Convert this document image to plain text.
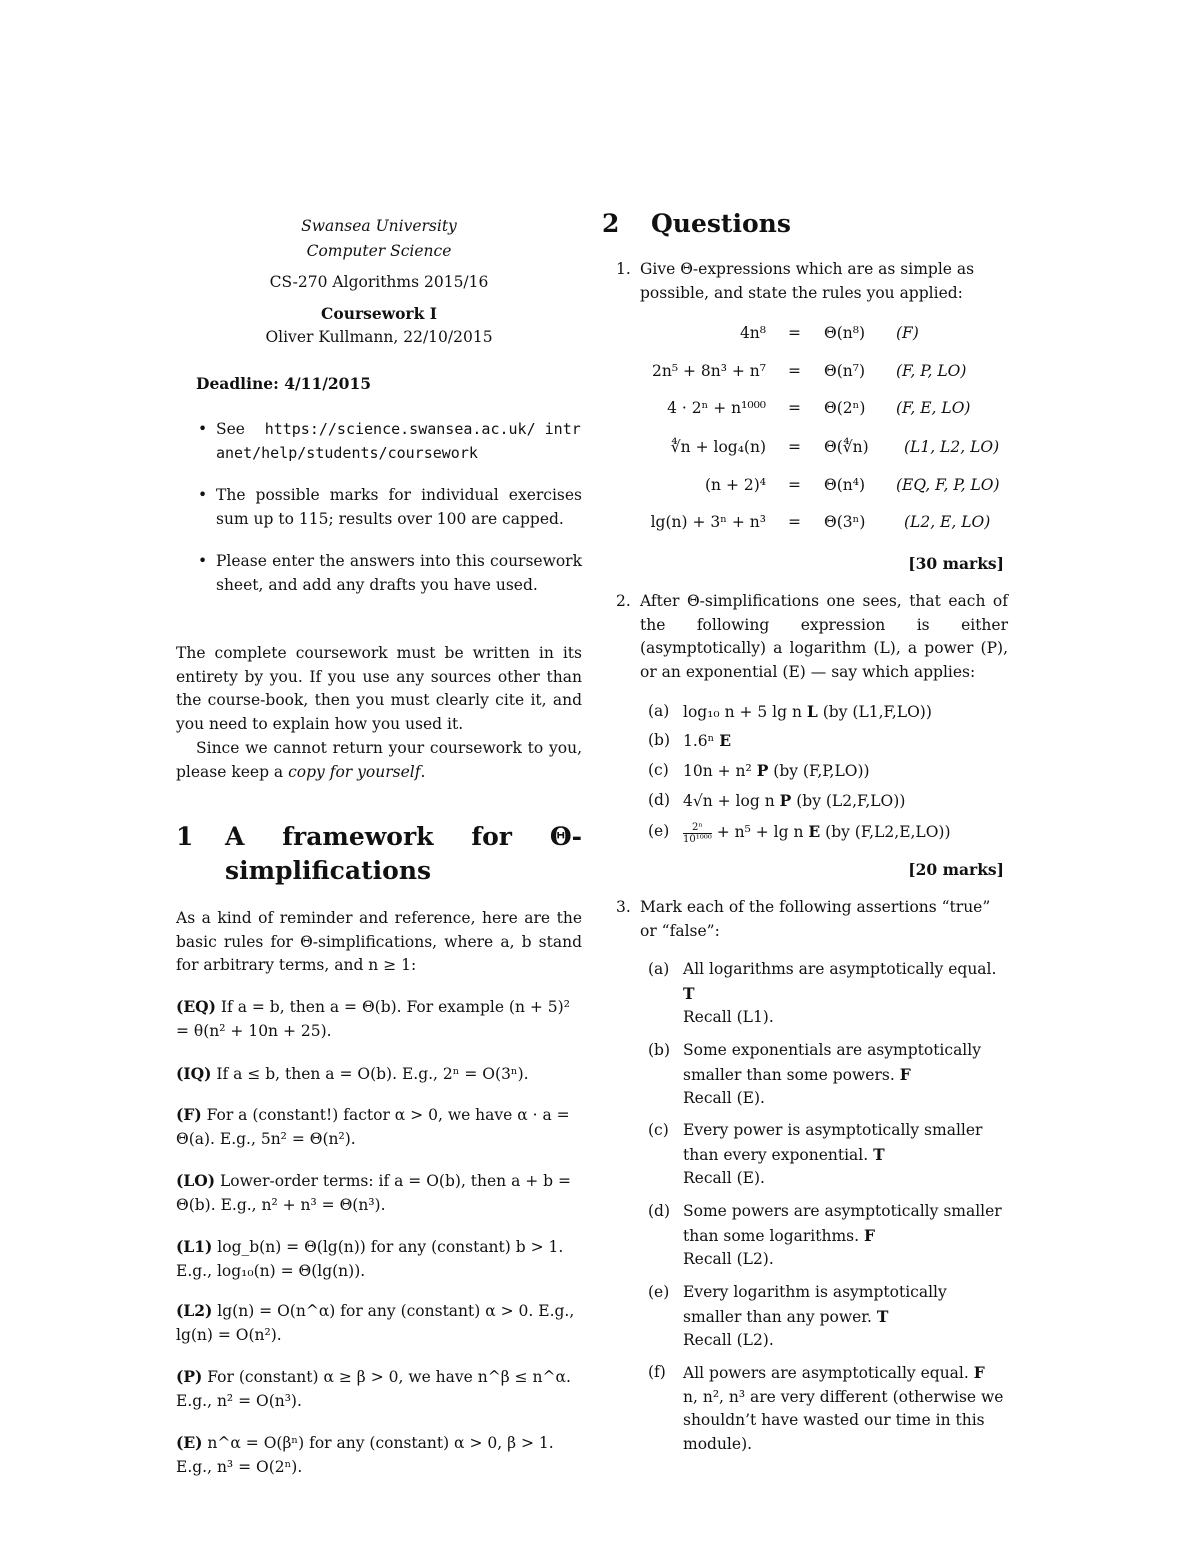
Swansea University
Computer Science
CS-270 Algorithms 2015/16
Coursework I
Oliver Kullmann, 22/10/2015
Deadline: 4/11/2015
• See https://science.swansea.ac.uk/ intranet/help/students/coursework
• The possible marks for individual exercises sum up to 115; results over 100 are capped.
• Please enter the answers into this coursework sheet, and add any drafts you have used.

The complete coursework must be written in its entirety by you. If you use any sources other than the course-book, then you must clearly cite it, and you need to explain how you used it.

Since we cannot return your coursework to you, please keep a copy for yourself.

1 A framework for Θ-simplifications

As a kind of reminder and reference, here are the basic rules for Θ-simplifications, where a, b stand for arbitrary terms, and n ≥ 1:

(EQ) If a = b, then a = Θ(b). For example (n + 5)² = θ(n² + 10n + 25).
(IQ) If a ≤ b, then a = O(b). E.g., 2ⁿ = O(3ⁿ).
(F) For a (constant!) factor α > 0, we have α · a = Θ(a). E.g., 5n² = Θ(n²).
(LO) Lower-order terms: if a = O(b), then a + b = Θ(b). E.g., n² + n³ = Θ(n³).
(L1) log_b(n) = Θ(lg(n)) for any (constant) b > 1. E.g., log₁₀(n) = Θ(lg(n)).
(L2) lg(n) = O(n^α) for any (constant) α > 0. E.g., lg(n) = O(n²).
(P) For (constant) α ≥ β > 0, we have n^β ≤ n^α. E.g., n² = O(n³).
(E) n^α = O(βⁿ) for any (constant) α > 0, β > 1. E.g., n³ = O(2ⁿ).
2 Questions
1. Give Θ-expressions which are as simple as possible, and state the rules you applied:

4n⁸ = Θ(n⁸) (F)
2n⁵ + 8n³ + n⁷ = Θ(n⁷) (F, P, LO)
4 · 2ⁿ + n¹⁰⁰⁰ = Θ(2ⁿ) (F, E, LO)
∜n + log₄(n) = Θ(∜n) (L1, L2, LO)
(n + 2)⁴ = Θ(n⁴) (EQ, F, P, LO)
lg(n) + 3ⁿ + n³ = Θ(3ⁿ) (L2, E, LO)
[30 marks]
2. After Θ-simplifications one sees, that each of the following expression is either (asymptotically) a logarithm (L), a power (P), or an exponential (E) — say which applies:

(a) log₁₀ n + 5 lg n L (by (L1,F,LO))
(b) 1.6ⁿ E
(c) 10n + n² P (by (F,P,LO))
(d) 4√n + log n P (by (L2,F,LO))
$(e) \frac{\text{2ⁿ}}{\text{10¹⁰⁰⁰}} + n^5 + \lg n$ E (by (F,L2,E,LO))
[20 marks]
3. Mark each of the following assertions “true” or “false”:

(a) All logarithms are asymptotically equal. T
Recall (L1).
(b) Some exponentials are asymptotically smaller than some powers. F
Recall (E).
(c) Every power is asymptotically smaller than every exponential. T
Recall (E).
(d) Some powers are asymptotically smaller than some logarithms. F
Recall (L2).
(e) Every logarithm is asymptotically smaller than any power. T
Recall (L2).
(f) All powers are asymptotically equal. F
n, n², n³ are very different (otherwise we shouldn’t have wasted our time in this module).
